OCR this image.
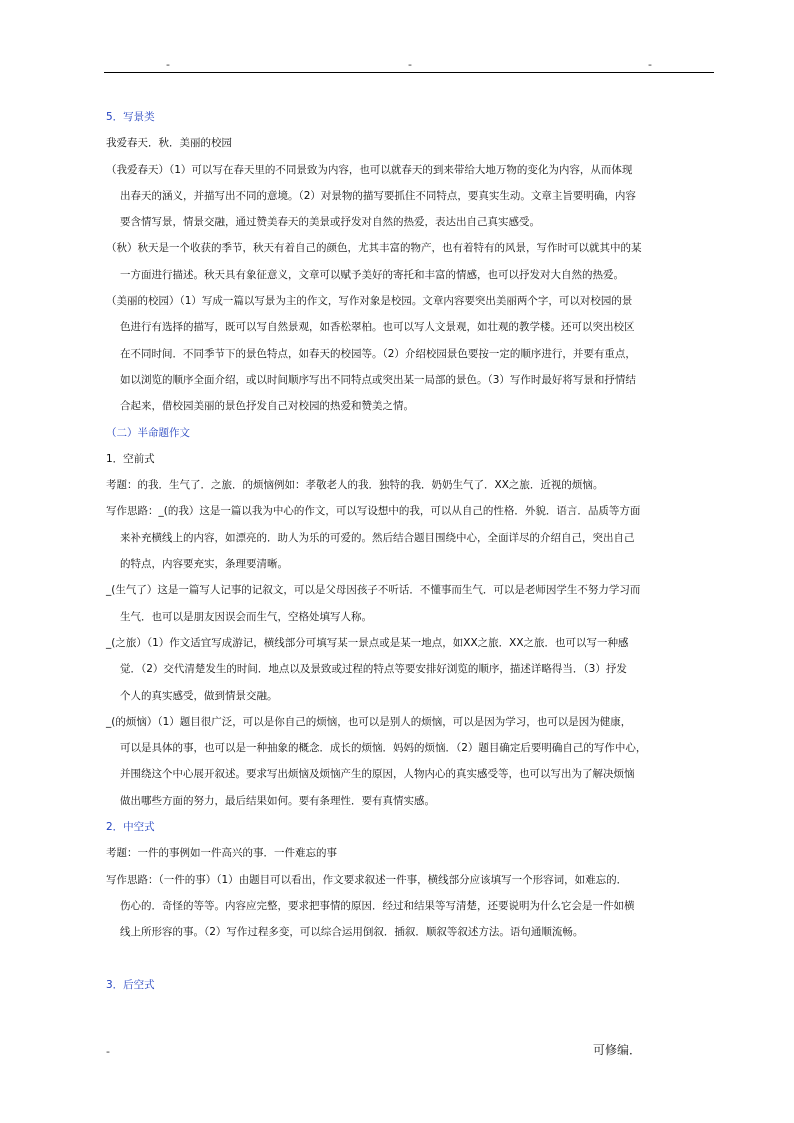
-	-	-
5．写景类
我爱春天．秋．美丽的校园
（我爱春天）（1）可以写在春天里的不同景致为内容，也可以就春天的到来带给大地万物的变化为内容，从而体现
出春天的涵义，并描写出不同的意境。（2）对景物的描写要抓住不同特点，要真实生动。文章主旨要明确，内容
要含情写景，情景交融，通过赞美春天的美景或抒发对自然的热爱，表达出自己真实感受。
（秋）秋天是一个收获的季节，秋天有着自己的颜色，尤其丰富的物产，也有着特有的风景，写作时可以就其中的某
一方面进行描述。秋天具有象征意义，文章可以赋予美好的寄托和丰富的情感，也可以抒发对大自然的热爱。
（美丽的校园）（1）写成一篇以写景为主的作文，写作对象是校园。文章内容要突出美丽两个字，可以对校园的景
色进行有选择的描写，既可以写自然景观，如香松翠柏。也可以写人文景观，如壮观的教学楼。还可以突出校区
在不同时间．不同季节下的景色特点，如春天的校园等。（2）介绍校园景色要按一定的顺序进行，并要有重点，
如以浏览的顺序全面介绍，或以时间顺序写出不同特点或突出某一局部的景色。（3）写作时最好将写景和抒情结
合起来，借校园美丽的景色抒发自己对校园的热爱和赞美之情。
（二）半命题作文
1．空前式
考题：的我．生气了．之旅．的烦恼例如：孝敬老人的我．独特的我．奶奶生气了．XX之旅．近视的烦恼。
写作思路：_(的我）这是一篇以我为中心的作文，可以写设想中的我，可以从自己的性格．外貌．语言．品质等方面
来补充横线上的内容，如漂亮的．助人为乐的可爱的。然后结合题目围绕中心，全面详尽的介绍自己，突出自己
的特点，内容要充实，条理要清晰。
_(生气了）这是一篇写人记事的记叙文，可以是父母因孩子不听话．不懂事而生气．可以是老师因学生不努力学习而
生气．也可以是朋友因误会而生气，空格处填写人称。
_(之旅）（1）作文适宜写成游记，横线部分可填写某一景点或是某一地点，如XX之旅．XX之旅．也可以写一种感
觉．（2）交代清楚发生的时间．地点以及景致或过程的特点等要安排好浏览的顺序，描述详略得当．（3）抒发
个人的真实感受，做到情景交融。
_(的烦恼）（1）题目很广泛，可以是你自己的烦恼，也可以是别人的烦恼，可以是因为学习，也可以是因为健康，
可以是具体的事，也可以是一种抽象的概念．成长的烦恼．妈妈的烦恼．（2）题目确定后要明确自己的写作中心，
并围绕这个中心展开叙述。要求写出烦恼及烦恼产生的原因，人物内心的真实感受等，也可以写出为了解决烦恼
做出哪些方面的努力，最后结果如何。要有条理性．要有真情实感。
2．中空式
考题：一件的事例如一件高兴的事．一件难忘的事
写作思路：（一件的事）（1）由题目可以看出，作文要求叙述一件事，横线部分应该填写一个形容词，如难忘的．
伤心的．奇怪的等等。内容应完整，要求把事情的原因．经过和结果等写清楚，还要说明为什么它会是一件如横
线上所形容的事。（2）写作过程多变，可以综合运用倒叙．插叙．顺叙等叙述方法。语句通顺流畅。
3．后空式
-	可修编．
